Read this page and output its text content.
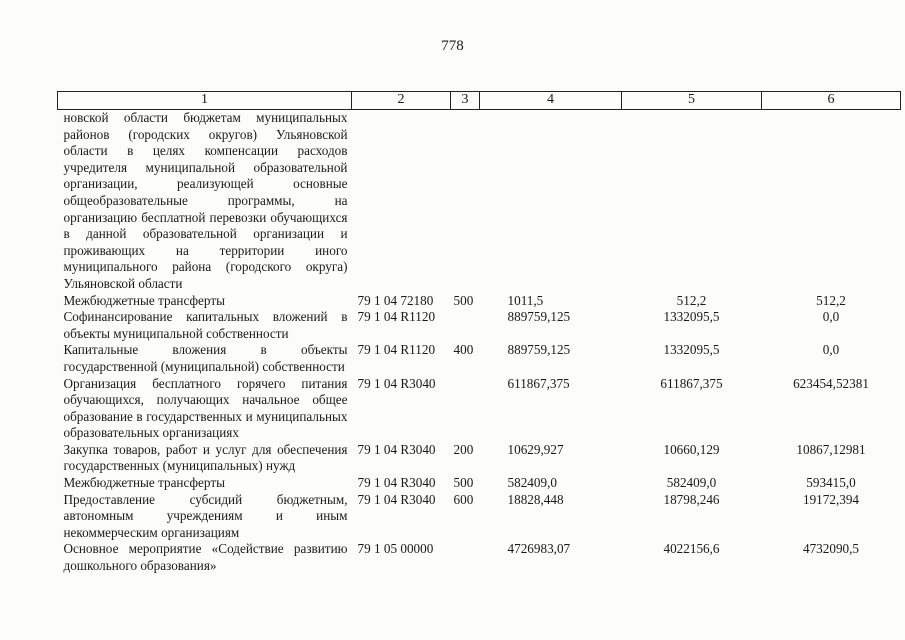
778
1	2	3	4	5	6
новской области бюджетам муниципальных районов (городских округов) Ульяновской области в целях компенсации расходов учредителя муниципальной образовательной организации, реализующей основные общеобразовательные программы, на организацию бесплатной перевозки обучающихся в данной образовательной организации и проживающих на территории иного муниципального района (городского округа) Ульяновской области					
Межбюджетные трансферты	79 1 04 72180	500	1011,5	512,2	512,2
Софинансирование капитальных вложений в объекты муниципальной собственности	79 1 04 R1120		889759,125	1332095,5	0,0
Капитальные вложения в объекты государственной (муниципальной) собственности	79 1 04 R1120	400	889759,125	1332095,5	0,0
Организация бесплатного горячего питания обучающихся, получающих начальное общее образование в государственных и муниципальных образовательных организациях	79 1 04 R3040		611867,375	611867,375	623454,52381
Закупка товаров, работ и услуг для обеспечения государственных (муниципальных) нужд	79 1 04 R3040	200	10629,927	10660,129	10867,12981
Межбюджетные трансферты	79 1 04 R3040	500	582409,0	582409,0	593415,0
Предоставление субсидий бюджетным, автономным учреждениям и иным некоммерческим организациям	79 1 04 R3040	600	18828,448	18798,246	19172,394
Основное мероприятие «Содействие развитию дошкольного образования»	79 1 05 00000		4726983,07	4022156,6	4732090,5
